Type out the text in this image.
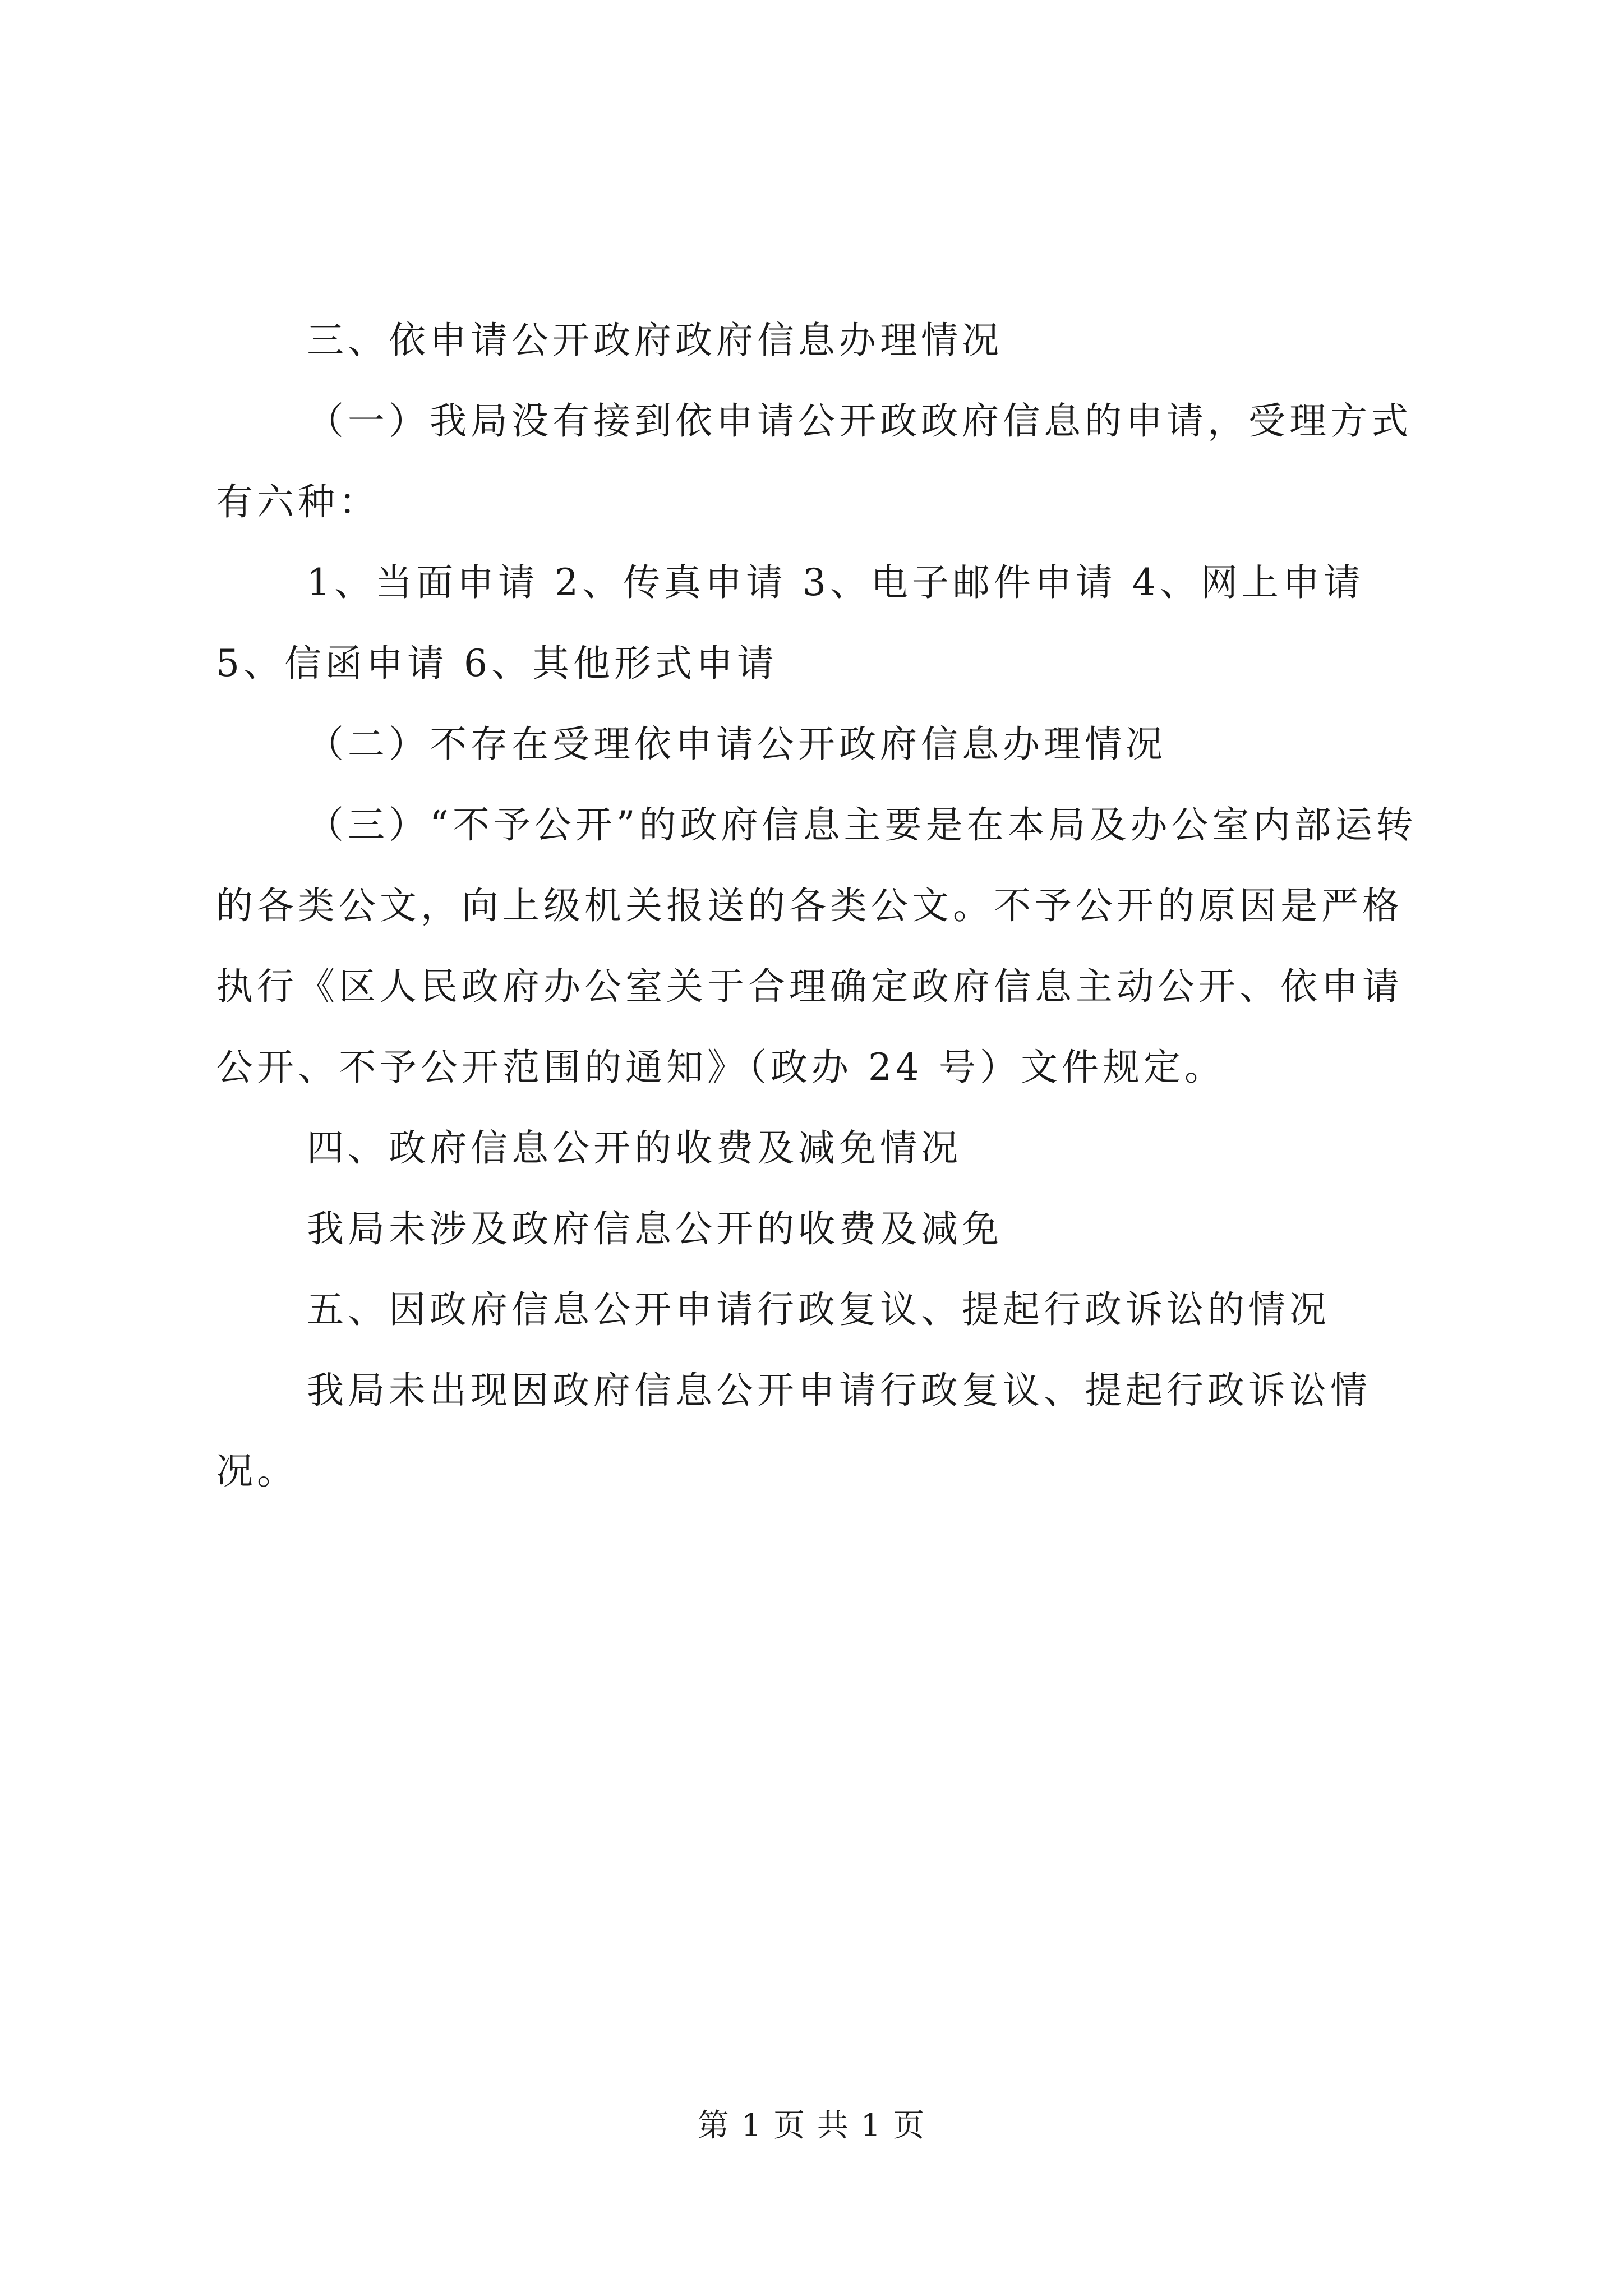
三、依申请公开政府政府信息办理情况

（一）我局没有接到依申请公开政政府信息的申请，受理方式有六种：

1、当面申请 2、传真申请 3、电子邮件申请 4、网上申请 5、信函申请 6、其他形式申请

（二）不存在受理依申请公开政府信息办理情况

（三）“不予公开”的政府信息主要是在本局及办公室内部运转的各类公文，向上级机关报送的各类公文。不予公开的原因是严格执行《区人民政府办公室关于合理确定政府信息主动公开、依申请公开、不予公开范围的通知》（政办 24 号）文件规定。

四、政府信息公开的收费及减免情况

我局未涉及政府信息公开的收费及减免

五、因政府信息公开申请行政复议、提起行政诉讼的情况

我局未出现因政府信息公开申请行政复议、提起行政诉讼情况。

第 1 页 共 1 页
